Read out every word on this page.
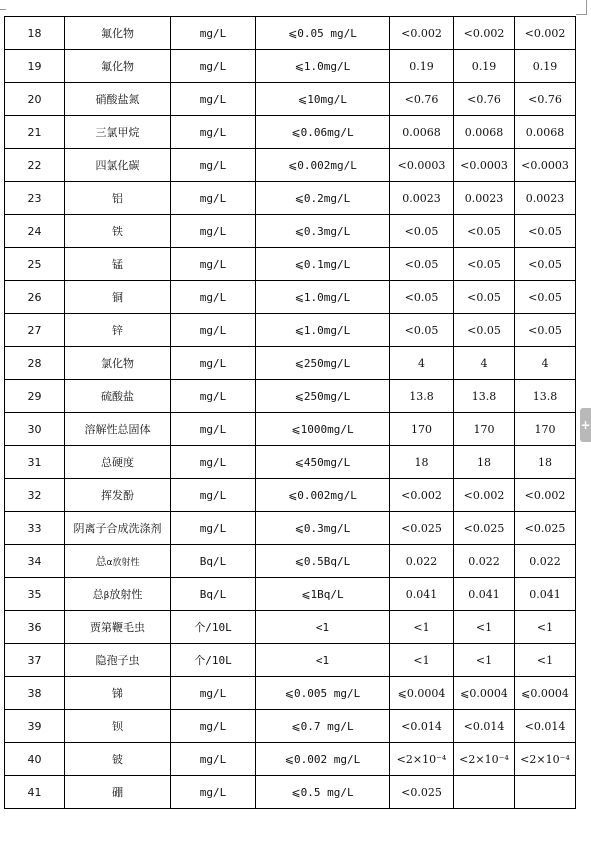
18	氟化物	mg/L	⩽0.05 mg/L	<0.002	<0.002	<0.002
19	氟化物	mg/L	⩽1.0mg/L	0.19	0.19	0.19
20	硝酸盐氮	mg/L	⩽10mg/L	<0.76	<0.76	<0.76
21	三氯甲烷	mg/L	⩽0.06mg/L	0.0068	0.0068	0.0068
22	四氯化碳	mg/L	⩽0.002mg/L	<0.0003	<0.0003	<0.0003
23	铝	mg/L	⩽0.2mg/L	0.0023	0.0023	0.0023
24	铁	mg/L	⩽0.3mg/L	<0.05	<0.05	<0.05
25	锰	mg/L	⩽0.1mg/L	<0.05	<0.05	<0.05
26	铜	mg/L	⩽1.0mg/L	<0.05	<0.05	<0.05
27	锌	mg/L	⩽1.0mg/L	<0.05	<0.05	<0.05
28	氯化物	mg/L	⩽250mg/L	4	4	4
29	硫酸盐	mg/L	⩽250mg/L	13.8	13.8	13.8
30	溶解性总固体	mg/L	⩽1000mg/L	170	170	170
31	总硬度	mg/L	⩽450mg/L	18	18	18
32	挥发酚	mg/L	⩽0.002mg/L	<0.002	<0.002	<0.002
33	阴离子合成洗涤剂	mg/L	⩽0.3mg/L	<0.025	<0.025	<0.025
34	总α放射性	Bq/L	⩽0.5Bq/L	0.022	0.022	0.022
35	总β放射性	Bq/L	⩽1Bq/L	0.041	0.041	0.041
36	贾第鞭毛虫	个/10L	<1	<1	<1	<1
37	隐孢子虫	个/10L	<1	<1	<1	<1
38	锑	mg/L	⩽0.005 mg/L	⩽0.0004	⩽0.0004	⩽0.0004
39	钡	mg/L	⩽0.7 mg/L	<0.014	<0.014	<0.014
40	铍	mg/L	⩽0.002 mg/L	<2×10⁻⁴	<2×10⁻⁴	<2×10⁻⁴
41	硼	mg/L	⩽0.5 mg/L	<0.025		
+
